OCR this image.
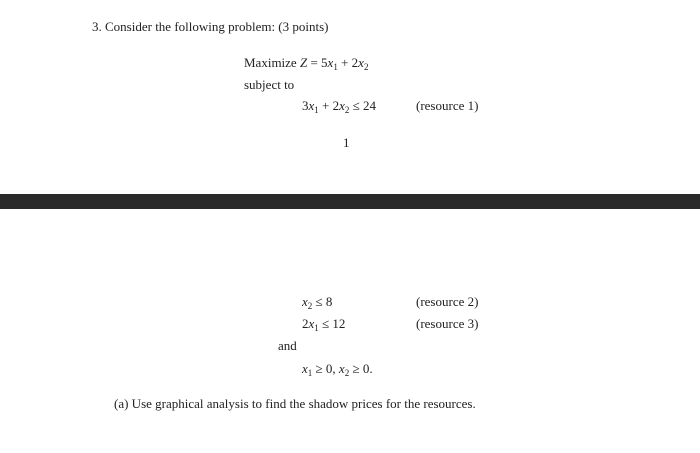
3. Consider the following problem: (3 points)
Maximize $Z = 5x_1 + 2x_2$
subject to
$3x_1 + 2x_2 \le 24$	(resource 1)
1
$x_2 \le 8$	(resource 2)
$2x_1 \le 12$	(resource 3)
and
$x_1 \ge 0$, $x_2 \ge 0$.
(a) Use graphical analysis to find the shadow prices for the resources.
